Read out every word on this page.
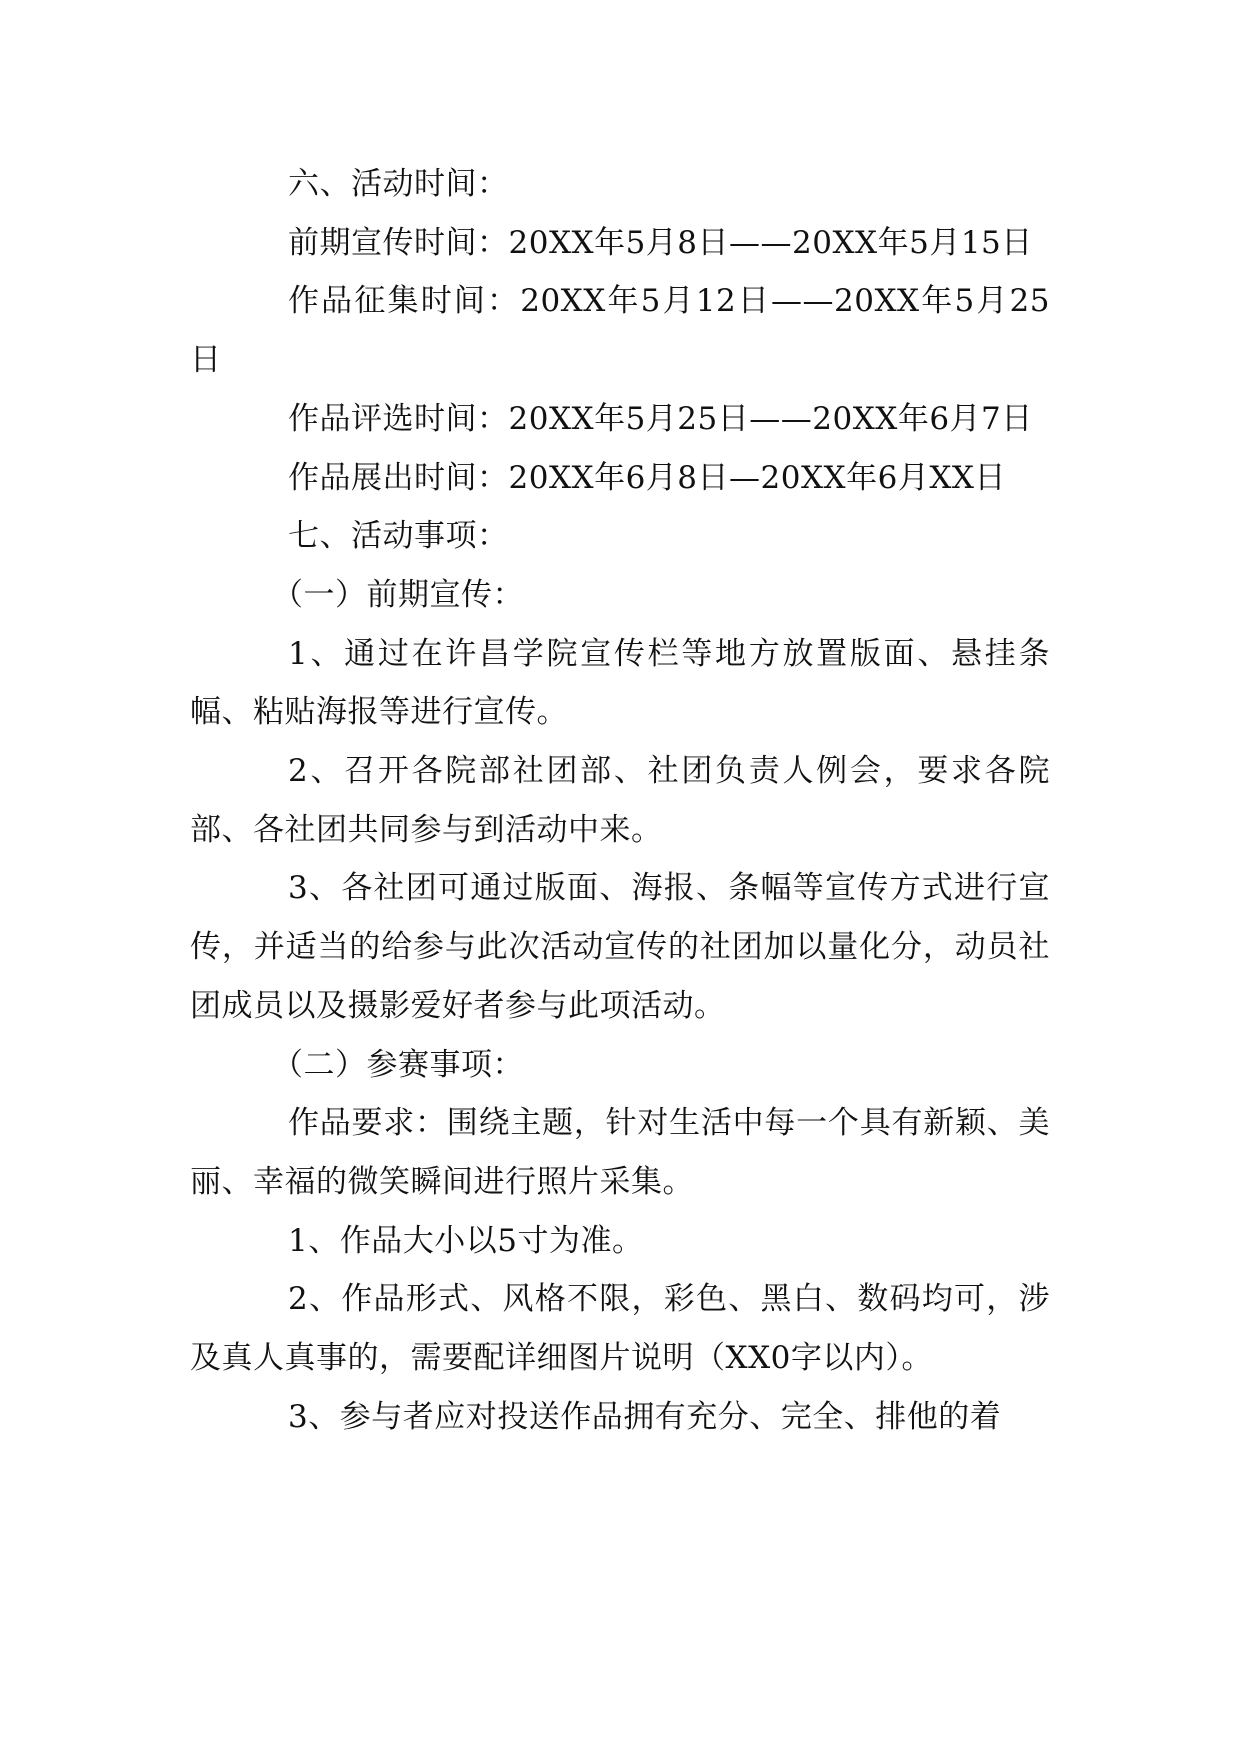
六、活动时间：

前期宣传时间：20XX年5月8日——20XX年5月15日

作品征集时间：20XX年5月12日——20XX年5月25日

作品评选时间：20XX年5月25日——20XX年6月7日

作品展出时间：20XX年6月8日—20XX年6月XX日

七、活动事项：

（一）前期宣传：

1、通过在许昌学院宣传栏等地方放置版面、悬挂条幅、粘贴海报等进行宣传。

2、召开各院部社团部、社团负责人例会，要求各院部、各社团共同参与到活动中来。

3、各社团可通过版面、海报、条幅等宣传方式进行宣传，并适当的给参与此次活动宣传的社团加以量化分，动员社团成员以及摄影爱好者参与此项活动。

（二）参赛事项：

作品要求：围绕主题，针对生活中每一个具有新颖、美丽、幸福的微笑瞬间进行照片采集。

1、作品大小以5寸为准。

2、作品形式、风格不限，彩色、黑白、数码均可，涉及真人真事的，需要配详细图片说明（XX0字以内）。

3、参与者应对投送作品拥有充分、完全、排他的着
